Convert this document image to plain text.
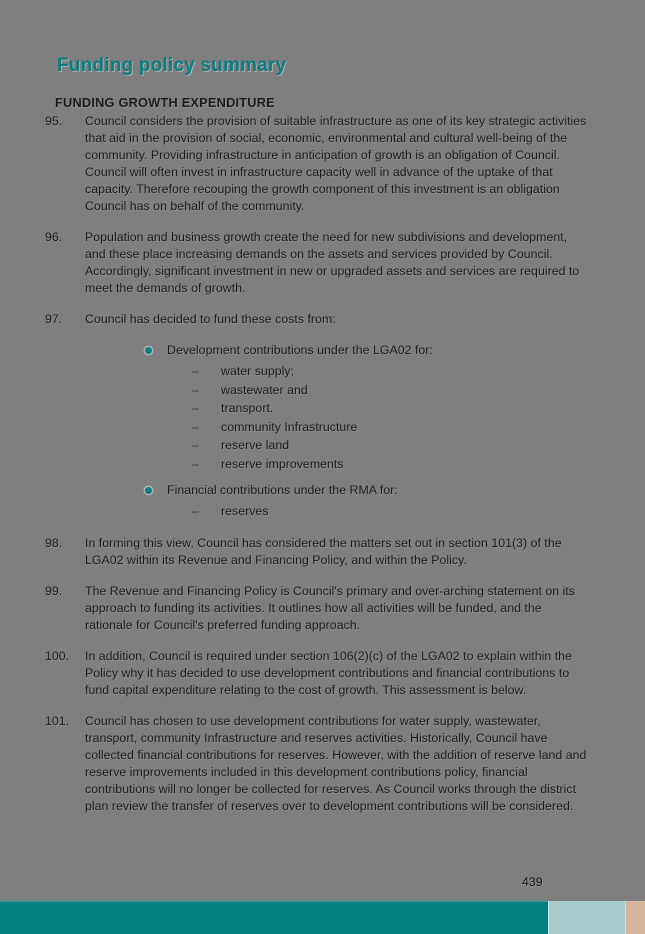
Funding policy summary
FUNDING GROWTH EXPENDITURE
95.	Council considers the provision of suitable infrastructure as one of its key strategic activities that aid in the provision of social, economic, environmental and cultural well-being of the community. Providing infrastructure in anticipation of growth is an obligation of Council. Council will often invest in infrastructure capacity well in advance of the uptake of that capacity. Therefore recouping the growth component of this investment is an obligation Council has on behalf of the community.
96.	Population and business growth create the need for new subdivisions and development, and these place increasing demands on the assets and services provided by Council. Accordingly, significant investment in new or upgraded assets and services are required to meet the demands of growth.
97.	Council has decided to fund these costs from:
Development contributions under the LGA02 for:
–	water supply;
–	wastewater and
–	transport.
–	community Infrastructure
–	reserve land
–	reserve improvements
Financial contributions under the RMA for:
–	reserves
98.	In forming this view, Council has considered the matters set out in section 101(3) of the LGA02 within its Revenue and Financing Policy, and within the Policy.
99.	The Revenue and Financing Policy is Council's primary and over-arching statement on its approach to funding its activities. It outlines how all activities will be funded, and the rationale for Council's preferred funding approach.
100.	In addition, Council is required under section 106(2)(c) of the LGA02 to explain within the Policy why it has decided to use development contributions and financial contributions to fund capital expenditure relating to the cost of growth. This assessment is below.
101.	Council has chosen to use development contributions for water supply, wastewater, transport, community Infrastructure and reserves activities. Historically, Council have collected financial contributions for reserves. However, with the addition of reserve land and reserve improvements included in this development contributions policy, financial contributions will no longer be collected for reserves. As Council works through the district plan review the transfer of reserves over to development contributions will be considered.
439
